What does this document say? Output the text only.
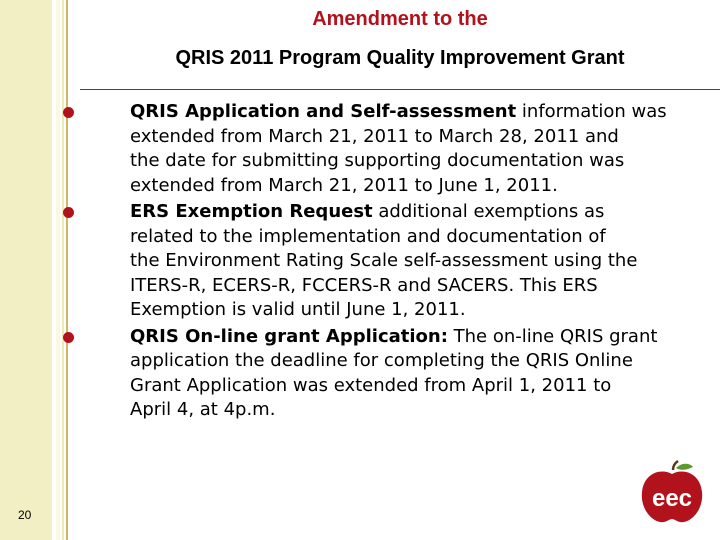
Amendment to the
QRIS 2011 Program Quality Improvement Grant
QRIS Application and Self-assessment information was
extended from March 21, 2011 to March 28, 2011 and
the date for submitting supporting documentation was
extended from March 21, 2011 to June 1, 2011.
ERS Exemption Request additional exemptions as
related to the implementation and documentation of
the Environment Rating Scale self-assessment using the
ITERS-R, ECERS-R, FCCERS-R and SACERS. This ERS
Exemption is valid until June 1, 2011.
QRIS On-line grant Application: The on-line QRIS grant
application the deadline for completing the QRIS Online
Grant Application was extended from April 1, 2011 to
April 4, at 4p.m.
20
eec
